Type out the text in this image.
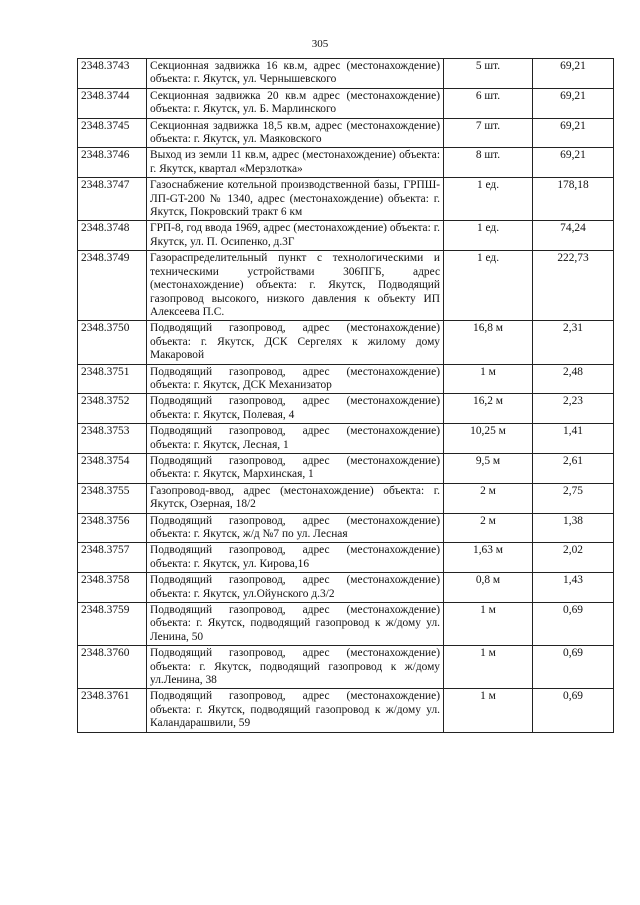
305
2348.3743	Секционная задвижка 16 кв.м, адрес (местонахождение) объекта: г. Якутск, ул. Чернышевского	5 шт.	69,21
2348.3744	Секционная задвижка 20 кв.м адрес (местонахождение) объекта: г. Якутск, ул. Б. Марлинского	6 шт.	69,21
2348.3745	Секционная задвижка 18,5 кв.м, адрес (местонахождение) объекта: г. Якутск, ул. Маяковского	7 шт.	69,21
2348.3746	Выход из земли 11 кв.м, адрес (местонахождение) объекта: г. Якутск, квартал «Мерзлотка»	8 шт.	69,21
2348.3747	Газоснабжение котельной производственной базы, ГРПШ-ЛП-GT-200 № 1340, адрес (местонахождение) объекта: г. Якутск, Покровский тракт 6 км	1 ед.	178,18
2348.3748	ГРП-8, год ввода 1969, адрес (местонахождение) объекта: г. Якутск, ул. П. Осипенко, д.3Г	1 ед.	74,24
2348.3749	Газораспределительный пункт с технологическими и техническими устройствами 306ПГБ, адрес (местонахождение) объекта: г. Якутск, Подводящий газопровод высокого, низкого давления к объекту ИП Алексеева П.С.	1 ед.	222,73
2348.3750	Подводящий газопровод, адрес (местонахождение) объекта: г. Якутск, ДСК Сергелях к жилому дому Макаровой	16,8 м	2,31
2348.3751	Подводящий газопровод, адрес (местонахождение) объекта: г. Якутск, ДСК Механизатор	1 м	2,48
2348.3752	Подводящий газопровод, адрес (местонахождение) объекта: г. Якутск, Полевая, 4	16,2 м	2,23
2348.3753	Подводящий газопровод, адрес (местонахождение) объекта: г. Якутск, Лесная, 1	10,25 м	1,41
2348.3754	Подводящий газопровод, адрес (местонахождение) объекта: г. Якутск, Мархинская, 1	9,5 м	2,61
2348.3755	Газопровод-ввод, адрес (местонахождение) объекта: г. Якутск, Озерная, 18/2	2 м	2,75
2348.3756	Подводящий газопровод, адрес (местонахождение) объекта: г. Якутск, ж/д №7 по ул. Лесная	2 м	1,38
2348.3757	Подводящий газопровод, адрес (местонахождение) объекта: г. Якутск, ул. Кирова,16	1,63 м	2,02
2348.3758	Подводящий газопровод, адрес (местонахождение) объекта: г. Якутск, ул.Ойунского д.3/2	0,8 м	1,43
2348.3759	Подводящий газопровод, адрес (местонахождение) объекта: г. Якутск, подводящий газопровод к ж/дому ул. Ленина, 50	1 м	0,69
2348.3760	Подводящий газопровод, адрес (местонахождение) объекта: г. Якутск, подводящий газопровод к ж/дому ул.Ленина, 38	1 м	0,69
2348.3761	Подводящий газопровод, адрес (местонахождение) объекта: г. Якутск, подводящий газопровод к ж/дому ул. Каландарашвили, 59	1 м	0,69
